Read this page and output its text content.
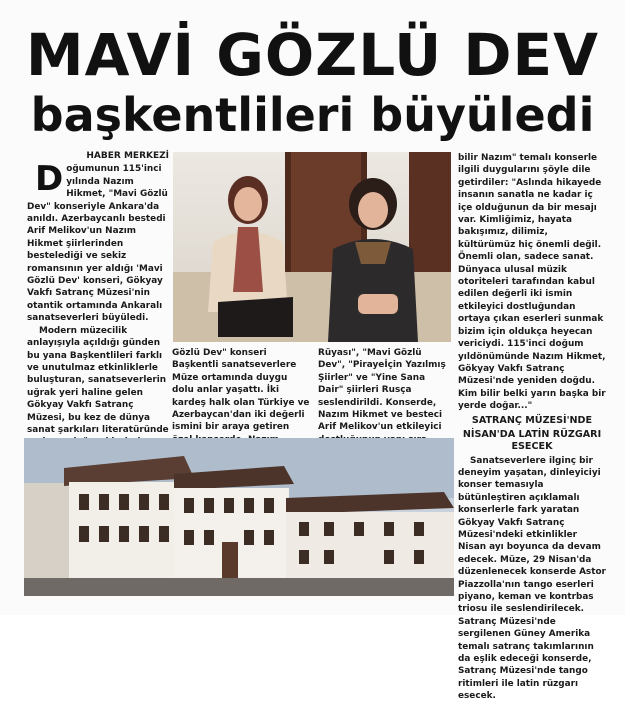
MAVİ GÖZLÜ DEV
başkentlileri büyüledi
HABER MERKEZİ

Doğumunun 115'inci yılında Nazım Hikmet, "Mavi Gözlü Dev" konseriyle Ankara'da anıldı. Azerbaycanlı bestedi Arif Melikov'un Nazım Hikmet şiirlerinden bestelediği ve sekiz romansının yer aldığı 'Mavi Gözlü Dev' konseri, Gökyay Vakfı Satranç Müzesi'nin otantik ortamında Ankaralı sanatseverleri büyüledi.

Modern müzecilik anlayışıyla açıldığı günden bu yana Başkentlileri farklı ve unutulmaz etkinliklerle buluşturan, sanatseverlerin uğrak yeri haline gelen Gökyay Vakfı Satranç Müzesi, bu kez de dünya sanat şarkıları literatüründe

Gözlü Dev" konseri Başkentli sanatseverlere Müze ortamında duygu dolu anlar yaşattı. İki kardeş halk olan Türkiye ve Azerbaycan'dan iki değerli ismini bir araya getiren

Rüyası", "Mavi Gözlü Dev", "Pirayeİçin Yazılmış Şiirler" ve "Yine Sana Dair" şiirleri Rusça seslendirildi. Konserde, Nazım Hikmet ve besteci Arif Melikov'un etkileyici

bilir Nazım" temalı konserle ilgili duygularını şöyle dile getirdiler: "Aslında hikayede insanın sanatla ne kadar iç içe olduğunun da bir mesajı var. Kimliğimiz, hayata bakışımız, dilimiz, kültürümüz hiç önemli değil. Önemli olan, sadece sanat. Dünyaca ulusal müzik otoriteleri tarafından kabul edilen değerli iki ismin etkileyici dostluğundan ortaya çıkan eserleri sunmak bizim için oldukça heyecan vericiydi. 115'inci doğum yıldönümünde Nazım Hikmet, Gökyay Vakfı Satranç Müzesi'nde yeniden doğdu. Kim bilir belki yarın başka bir yerde doğar..."

SATRANÇ MÜZESİ'NDE
NİSAN'DA LATİN RÜZGARI ESECEK

Sanatseverlere ilginç bir deneyim yaşatan, dinleyiciyi konser temasıyla bütünleştiren açıklamalı konserlerle fark yaratan Gökyay Vakfı Satranç Müzesi'ndeki etkinlikler Nisan ayı boyunca da devam edecek. Müze, 29 Nisan'da düzenlenecek konserde Astor Piazzolla'nın tango eserleri piyano, keman ve kontrbas triosu ile seslendirilecek. Satranç Müzesi'nde sergilenen Güney Amerika temalı satranç takımlarının da eşlik edeceği konserde, Satranç Müzesi'nde tango ritimleri ile latin rüzgarı esecek.
